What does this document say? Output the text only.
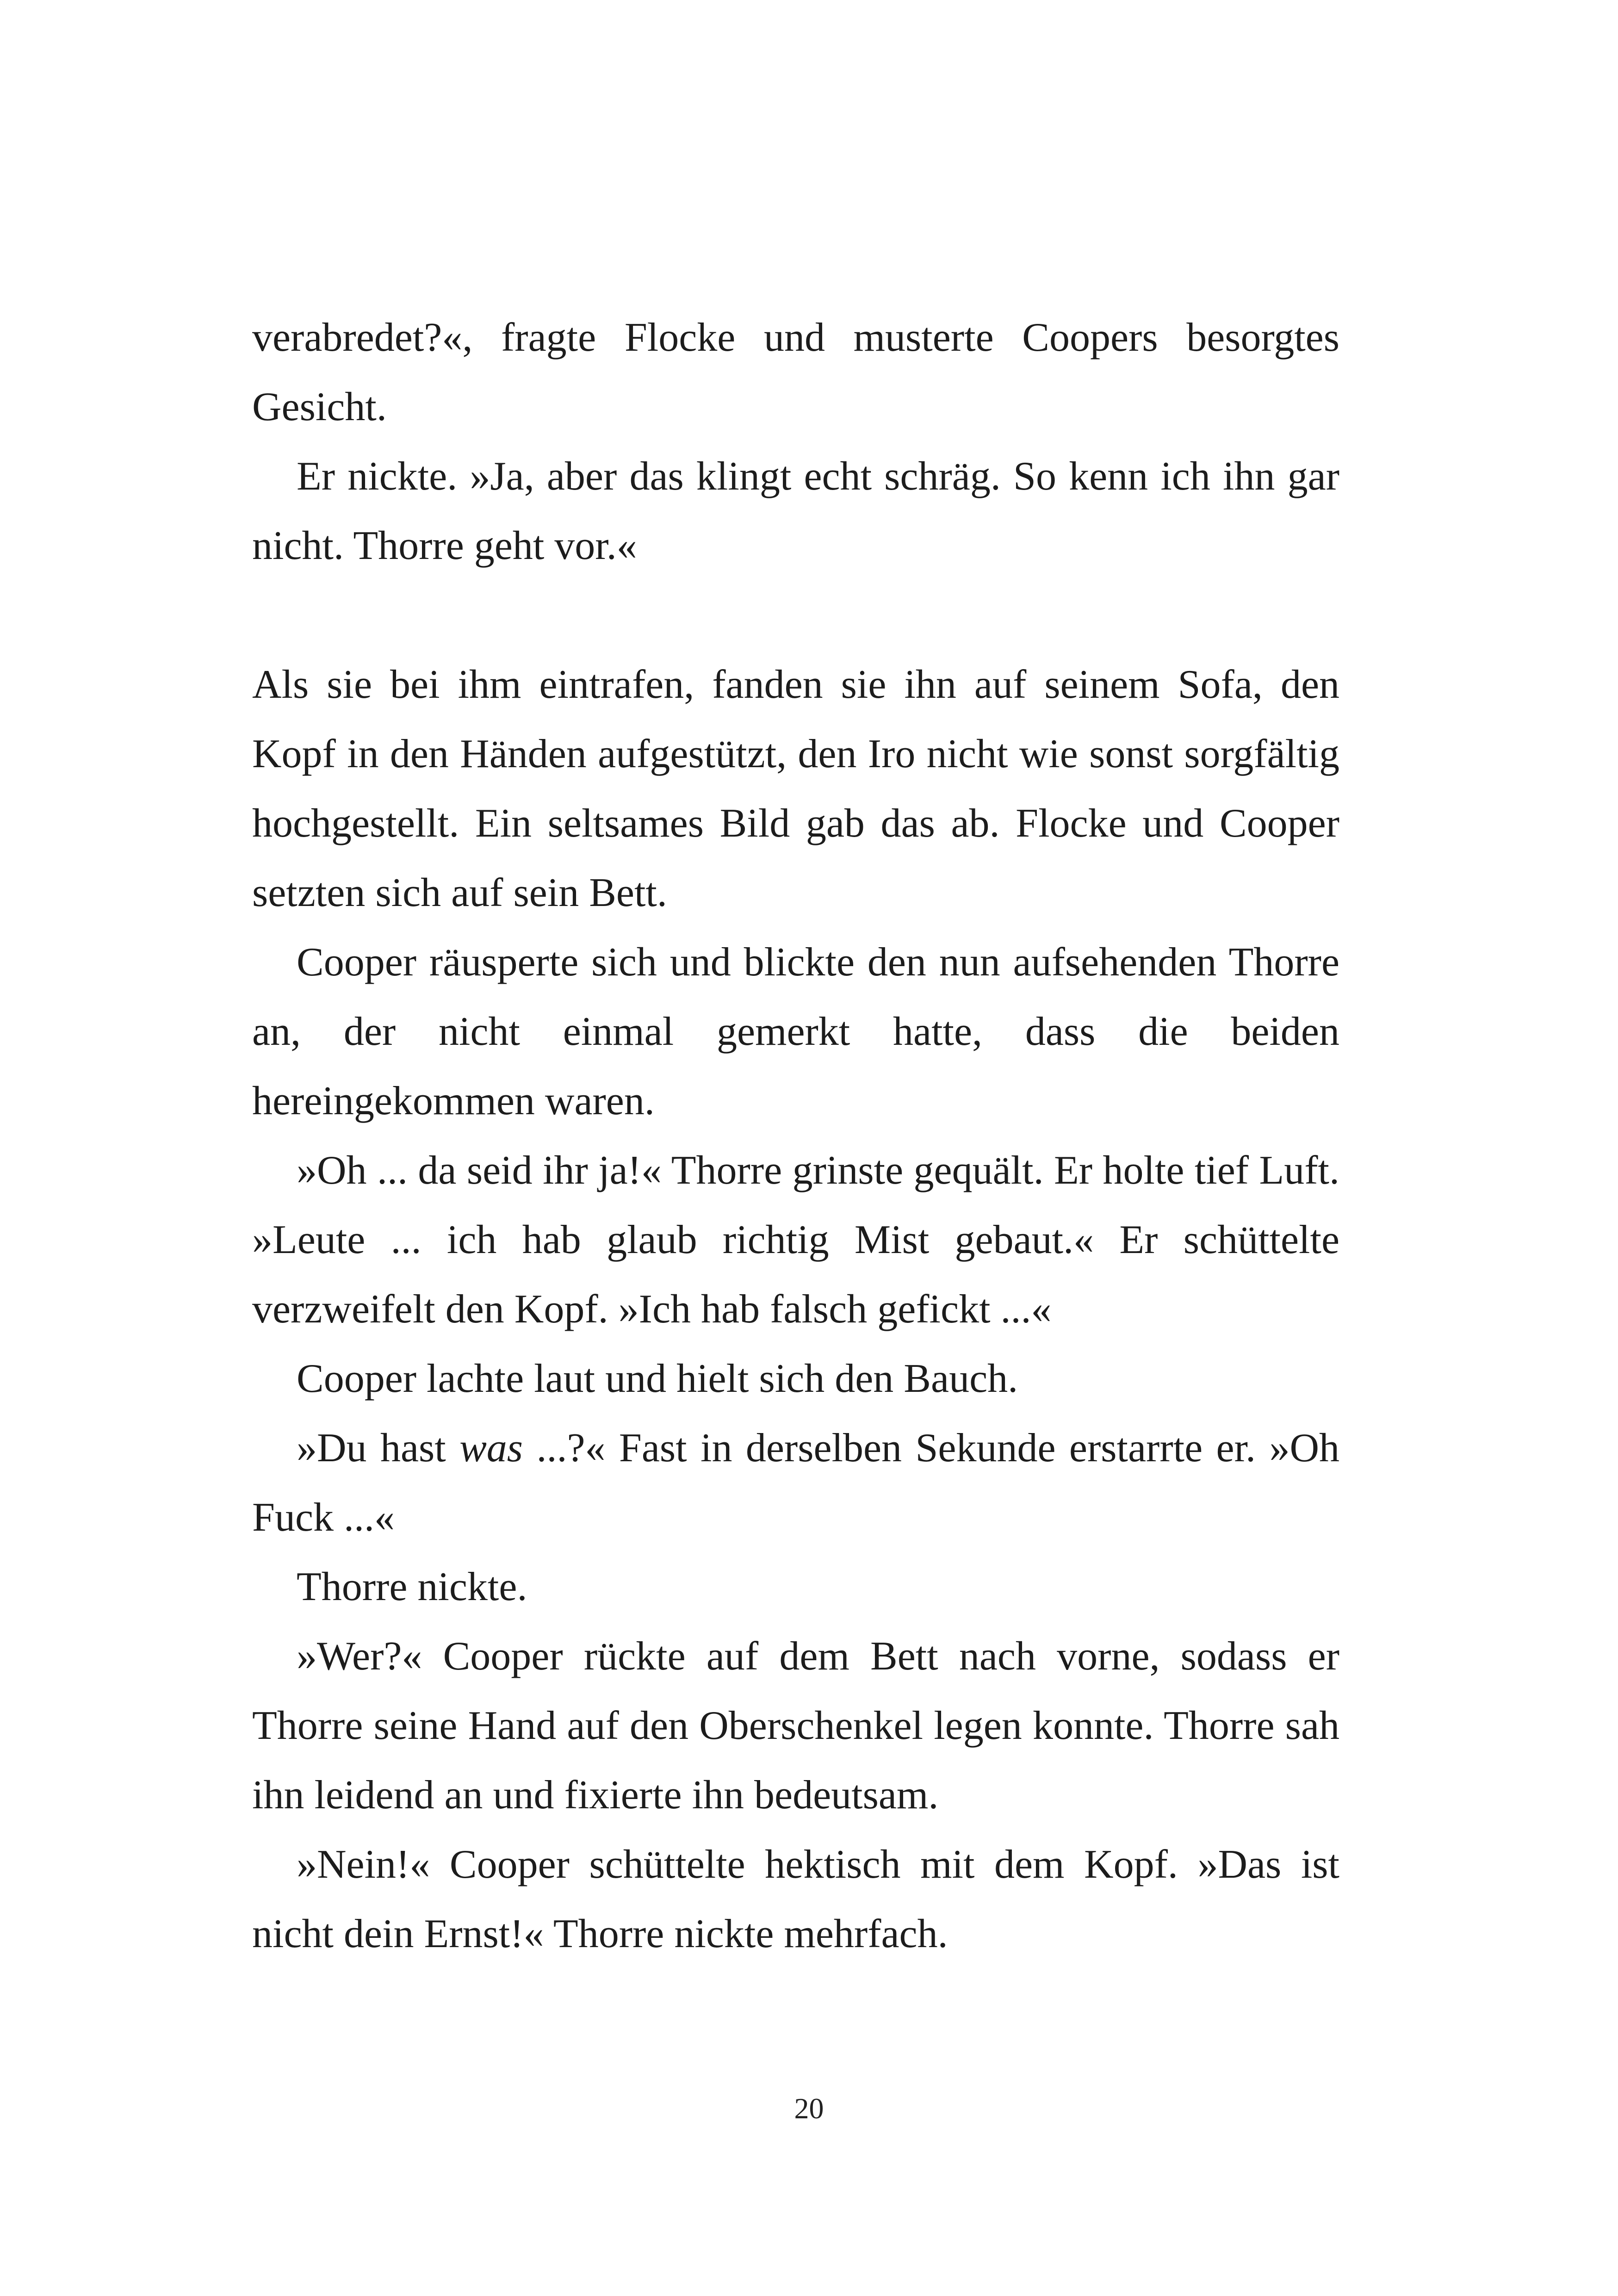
verabredet?«, fragte Flocke und musterte Coopers besorgtes Gesicht.

Er nickte. »Ja, aber das klingt echt schräg. So kenn ich ihn gar nicht. Thorre geht vor.«

Als sie bei ihm eintrafen, fanden sie ihn auf seinem Sofa, den Kopf in den Händen aufgestützt, den Iro nicht wie sonst sorgfältig hochgestellt. Ein seltsames Bild gab das ab. Flocke und Cooper setzten sich auf sein Bett.

Cooper räusperte sich und blickte den nun aufsehenden Thorre an, der nicht einmal gemerkt hatte, dass die beiden hereingekommen waren.

»Oh ... da seid ihr ja!« Thorre grinste gequält. Er holte tief Luft. »Leute ... ich hab glaub richtig Mist gebaut.« Er schüttelte verzweifelt den Kopf. »Ich hab falsch gefickt ...«

Cooper lachte laut und hielt sich den Bauch.

»Du hast was ...?« Fast in derselben Sekunde erstarrte er. »Oh Fuck ...«

Thorre nickte.

»Wer?« Cooper rückte auf dem Bett nach vorne, sodass er Thorre seine Hand auf den Oberschenkel legen konnte. Thorre sah ihn leidend an und fixierte ihn bedeutsam.

»Nein!« Cooper schüttelte hektisch mit dem Kopf. »Das ist nicht dein Ernst!« Thorre nickte mehrfach.

20
